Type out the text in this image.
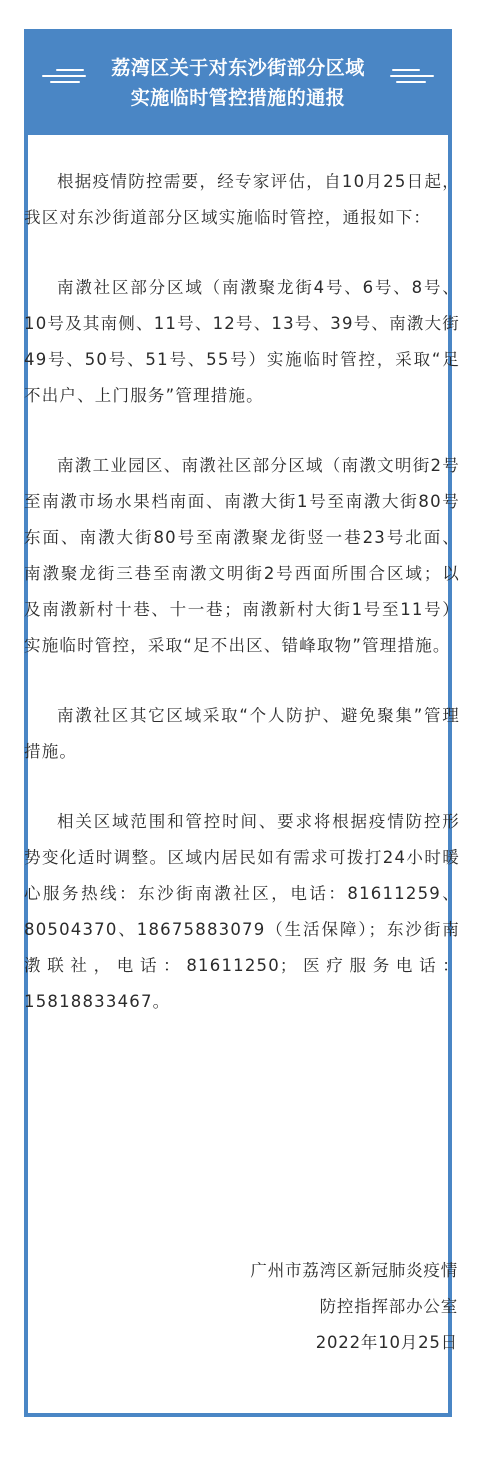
荔湾区关于对东沙街部分区域
实施临时管控措施的通报

根据疫情防控需要，经专家评估，自10月25日起，我区对东沙街道部分区域实施临时管控，通报如下：

南漖社区部分区域（南漖聚龙街4号、6号、8号、10号及其南侧、11号、12号、13号、39号、南漖大街49号、50号、51号、55号）实施临时管控，采取“足不出户、上门服务”管理措施。

南漖工业园区、南漖社区部分区域（南漖文明街2号至南漖市场水果档南面、南漖大街1号至南漖大街80号东面、南漖大街80号至南漖聚龙街竖一巷23号北面、南漖聚龙街三巷至南漖文明街2号西面所围合区域；以及南漖新村十巷、十一巷；南漖新村大街1号至11号）实施临时管控，采取“足不出区、错峰取物”管理措施。

南漖社区其它区域采取“个人防护、避免聚集”管理措施。

相关区域范围和管控时间、要求将根据疫情防控形势变化适时调整。区域内居民如有需求可拨打24小时暖心服务热线：东沙街南漖社区，电话：81611259、80504370、18675883079（生活保障）；东沙街南漖联社，电话：81611250；医疗服务电话：15818833467。

广州市荔湾区新冠肺炎疫情
防控指挥部办公室
2022年10月25日
